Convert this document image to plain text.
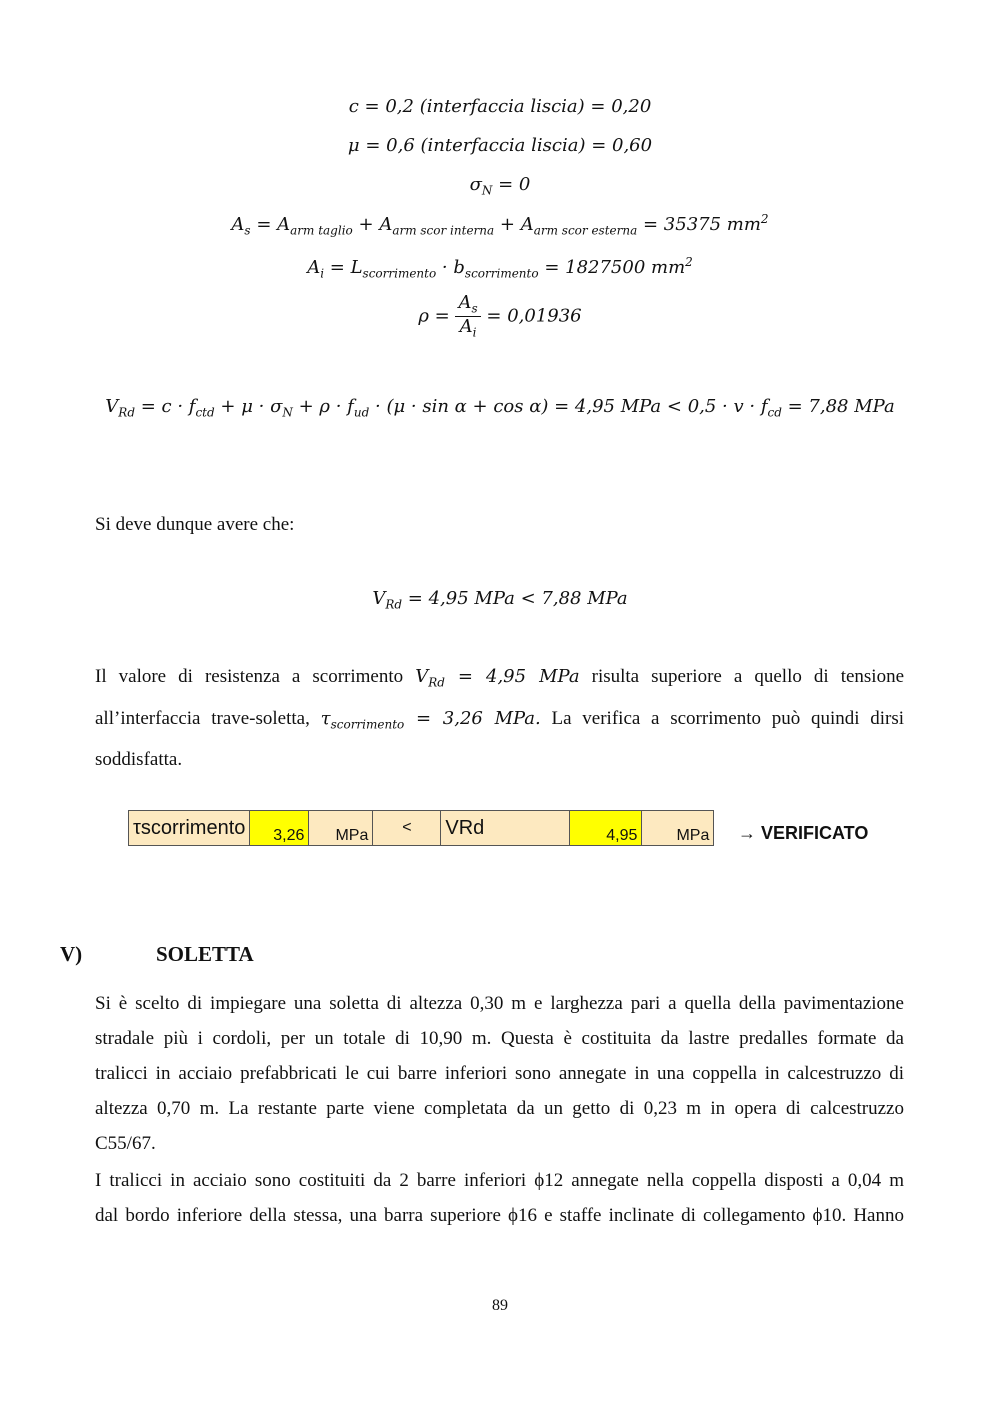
c = 0,2 (interfaccia liscia) = 0,20
μ = 0,6 (interfaccia liscia) = 0,60
$\sigma_N = 0$
$A_s = A_{arm taglio} + A_{arm scor interna} + A_{arm scor esterna} = 35375$ $mm^2$
$A_i = L_{scorrimento} \cdot b_{scorrimento} = 1827500$ $mm^2$
$\rho = \frac{A_s}{A_i} = 0,01936$
$V_{Rd} = c \cdot f_{ctd} + \mu \cdot \sigma_N + \rho \cdot f_{ud} \cdot (\mu \cdot \sin \alpha + \cos \alpha) = 4,95$ MPa < $0,5 \cdot v \cdot f_{cd} = 7,88$ MPa
Si deve dunque avere che:
$V_{Rd} = 4,95$ MPa < 7,88 MPa
Il valore di resistenza a scorrimento $V_{Rd} = 4,95$ MPa risulta superiore a quello di tensione
all’interfaccia trave-soletta, $\tau_{scorrimento} = 3,26$ MPa. La verifica a scorrimento può quindi dirsi
soddisfatta.
τscorrimento	3,26	MPa	<	VRd	4,95	MPa → VERIFICATO
V)	SOLETTA
Si è scelto di impiegare una soletta di altezza 0,30 m e larghezza pari a quella della pavimentazione
stradale più i cordoli, per un totale di 10,90 m. Questa è costituita da lastre predalles formate da
tralicci in acciaio prefabbricati le cui barre inferiori sono annegate in una coppella in calcestruzzo di
altezza 0,70 m. La restante parte viene completata da un getto di 0,23 m in opera di calcestruzzo
C55/67.
I tralicci in acciaio sono costituiti da 2 barre inferiori ϕ12 annegate nella coppella disposti a 0,04 m
dal bordo inferiore della stessa, una barra superiore ϕ16 e staffe inclinate di collegamento ϕ10. Hanno
89
